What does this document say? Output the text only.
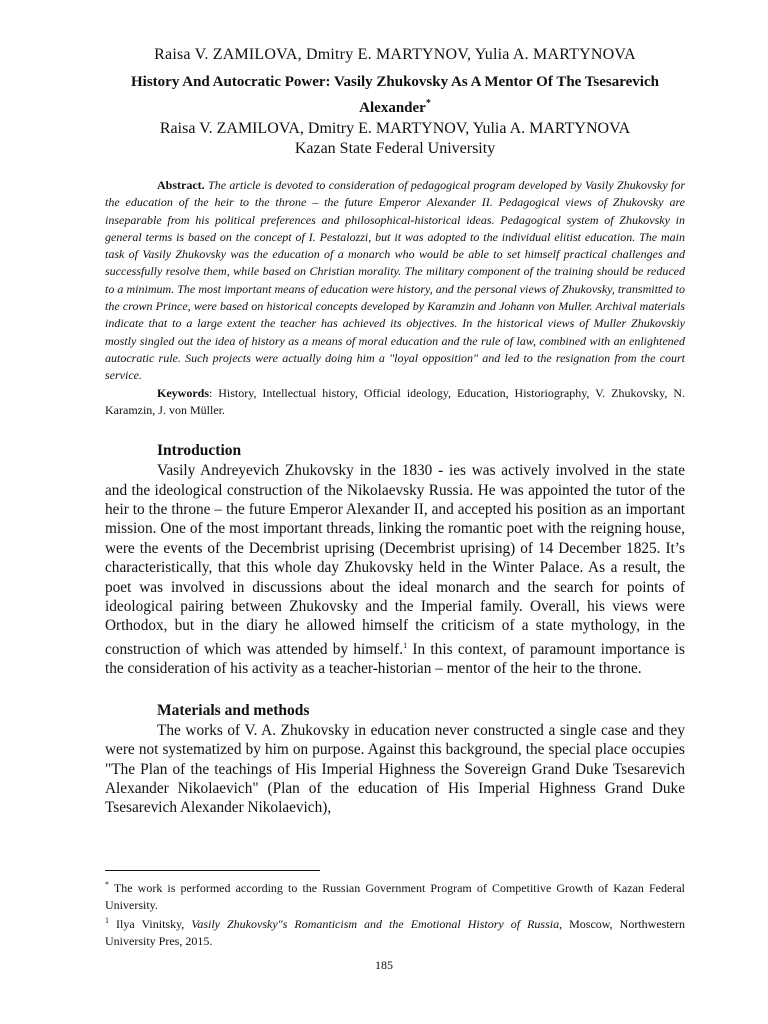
Raisa V. ZAMILOVA, Dmitry E. MARTYNOV, Yulia A. MARTYNOVA
History And Autocratic Power: Vasily Zhukovsky As A Mentor Of The Tsesarevich Alexander*
Raisa V. ZAMILOVA, Dmitry E. MARTYNOV, Yulia A. MARTYNOVA
Kazan State Federal University
Abstract. The article is devoted to consideration of pedagogical program developed by Vasily Zhukovsky for the education of the heir to the throne – the future Emperor Alexander II. Pedagogical views of Zhukovsky are inseparable from his political preferences and philosophical-historical ideas. Pedagogical system of Zhukovsky in general terms is based on the concept of I. Pestalozzi, but it was adopted to the individual elitist education. The main task of Vasily Zhukovsky was the education of a monarch who would be able to set himself practical challenges and successfully resolve them, while based on Christian morality. The military component of the training should be reduced to a minimum. The most important means of education were history, and the personal views of Zhukovsky, transmitted to the crown Prince, were based on historical concepts developed by Karamzin and Johann von Muller. Archival materials indicate that to a large extent the teacher has achieved its objectives. In the historical views of Muller Zhukovskiy mostly singled out the idea of history as a means of moral education and the rule of law, combined with an enlightened autocratic rule. Such projects were actually doing him a "loyal opposition" and led to the resignation from the court service.
Keywords: History, Intellectual history, Official ideology, Education, Historiography, V. Zhukovsky, N. Karamzin, J. von Müller.
Introduction

Vasily Andreyevich Zhukovsky in the 1830 - ies was actively involved in the state and the ideological construction of the Nikolaevsky Russia. He was appointed the tutor of the heir to the throne – the future Emperor Alexander II, and accepted his position as an important mission. One of the most important threads, linking the romantic poet with the reigning house, were the events of the Decembrist uprising (Decembrist uprising) of 14 December 1825. It’s characteristically, that this whole day Zhukovsky held in the Winter Palace. As a result, the poet was involved in discussions about the ideal monarch and the search for points of ideological pairing between Zhukovsky and the Imperial family. Overall, his views were Orthodox, but in the diary he allowed himself the criticism of a state mythology, in the construction of which was attended by himself.$^1$ In this context, of paramount importance is the consideration of his activity as a teacher-historian – mentor of the heir to the throne.

Materials and methods

The works of V. A. Zhukovsky in education never constructed a single case and they were not systematized by him on purpose. Against this background, the special place occupies "The Plan of the teachings of His Imperial Highness the Sovereign Grand Duke Tsesarevich Alexander Nikolaevich" (Plan of the education of His Imperial Highness Grand Duke Tsesarevich Alexander Nikolaevich),

* The work is performed according to the Russian Government Program of Competitive Growth of Kazan Federal University.

$^1$ Ilya Vinitsky, Vasily Zhukovsky"s Romanticism and the Emotional History of Russia, Moscow, Northwestern University Pres, 2015.

185
